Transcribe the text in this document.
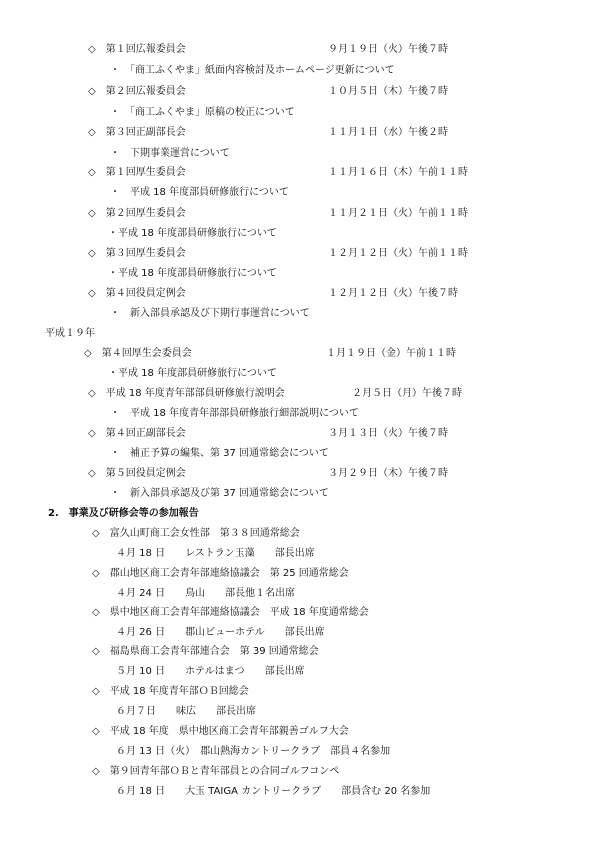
◇　第１回広報委員会	９月１９日（火）午後７時
・　「商工ふくやま」紙面内容検討及ホームページ更新について
◇　第２回広報委員会	１０月５日（木）午後７時
・　「商工ふくやま」原稿の校正について
◇　第３回正副部長会	１１月１日（水）午後２時
・　下期事業運営について
◇　第１回厚生委員会	１１月１６日（木）午前１１時
・　平成 18 年度部員研修旅行について
◇　第２回厚生委員会	１１月２１日（火）午前１１時
・平成 18 年度部員研修旅行について
◇　第３回厚生委員会	１２月１２日（火）午前１１時
・平成 18 年度部員研修旅行について
◇　第４回役員定例会	１２月１２日（火）午後７時
・　新入部員承認及び下期行事運営について
平成１９年
◇　第４回厚生会委員会	１月１９日（金）午前１１時
・平成 18 年度部員研修旅行について
◇　平成 18 年度青年部部員研修旅行説明会	２月５日（月）午後７時
・　平成 18 年度青年部部員研修旅行細部説明について
◇　第４回正副部長会	３月１３日（火）午後７時
・　補正予算の編集、第 37 回通常総会について
◇　第５回役員定例会	３月２９日（木）午後７時
・　新入部員承認及び第 37 回通常総会について
2.　事業及び研修会等の参加報告
◇　富久山町商工会女性部　第３８回通常総会
４月 18 日　　レストラン玉藻　　部長出席
◇　郡山地区商工会青年部連絡協議会　第 25 回通常総会
４月 24 日　　鳥山　　部長他１名出席
◇　県中地区商工会青年部連絡協議会　平成 18 年度通常総会
４月 26 日　　郡山ビューホテル　　部長出席
◇　福島県商工会青年部連合会　第 39 回通常総会
５月 10 日　　ホテルはまつ　　部長出席
◇　平成 18 年度青年部ＯＢ回総会
６月７日　　味広　　部長出席
◇　平成 18 年度　県中地区商工会青年部親善ゴルフ大会
６月 13 日（火）　郡山熱海カントリークラブ　部員４名参加
◇　第９回青年部ＯＢと青年部員との合同ゴルフコンペ
６月 18 日　　大玉 TAIGA カントリークラブ　　部員含む 20 名参加
